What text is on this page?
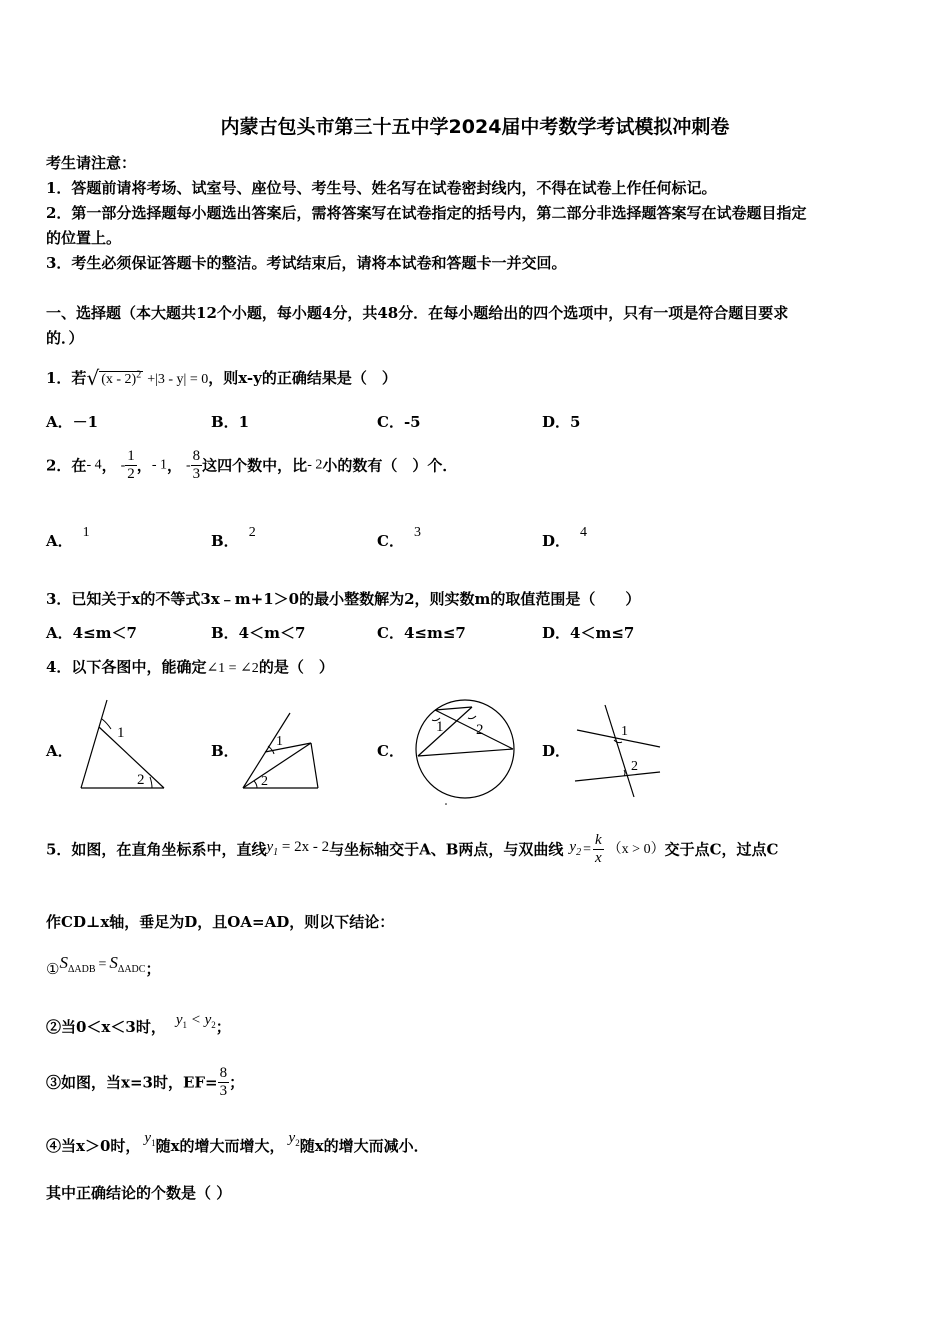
内蒙古包头市第三十五中学2024届中考数学考试模拟冲刺卷
考生请注意：
1．答题前请将考场、试室号、座位号、考生号、姓名写在试卷密封线内，不得在试卷上作任何标记。
2．第一部分选择题每小题选出答案后，需将答案写在试卷指定的括号内，第二部分非选择题答案写在试卷题目指定
的位置上。
3．考生必须保证答题卡的整洁。考试结束后，请将本试卷和答题卡一并交回。
一、选择题（本大题共12个小题，每小题4分，共48分．在每小题给出的四个选项中，只有一项是符合题目要求
的．）
1．若√ (x - 2)$^2$ +|3 - y| = 0，则x-y的正确结果是（　）
A．－1	B．1	C．-5	D．5
2．在- 4， - $\frac{1}{2}$ ，- 1， - $\frac{8}{3}$ 这四个数中，比- 2小的数有（　）个．
A． 1	B． 2	C． 3	D． 4
3．已知关于x的不等式3x﹣m+1＞0的最小整数解为2，则实数m的取值范围是（　　）
A．4≤m＜7	B．4＜m＜7	C．4≤m≤7	D．4＜m≤7
4．以下各图中，能确定∠1 = ∠2的是（　）
A．
1
2
B．
1
2
C．
1 2
D．
1
2
5．如图，在直角坐标系中，直线$y_1 = 2x - 2$与坐标轴交于A、B两点，与双曲线 $y_2 = \frac{k}{x} (x > 0)$交于点C，过点C
作CD⊥x轴，垂足为D，且OA=AD，则以下结论：
$①S_{\Delta ADB} = S_{\Delta ADC}$；
②当0＜x＜3时， $y_1 < y_2$；
③如图，当x=3时，$EF= \frac{8}{3}$ ；
④当x＞0时， $y_1$随x的增大而增大， $y_2$随x的增大而减小．
其中正确结论的个数是（ ）
